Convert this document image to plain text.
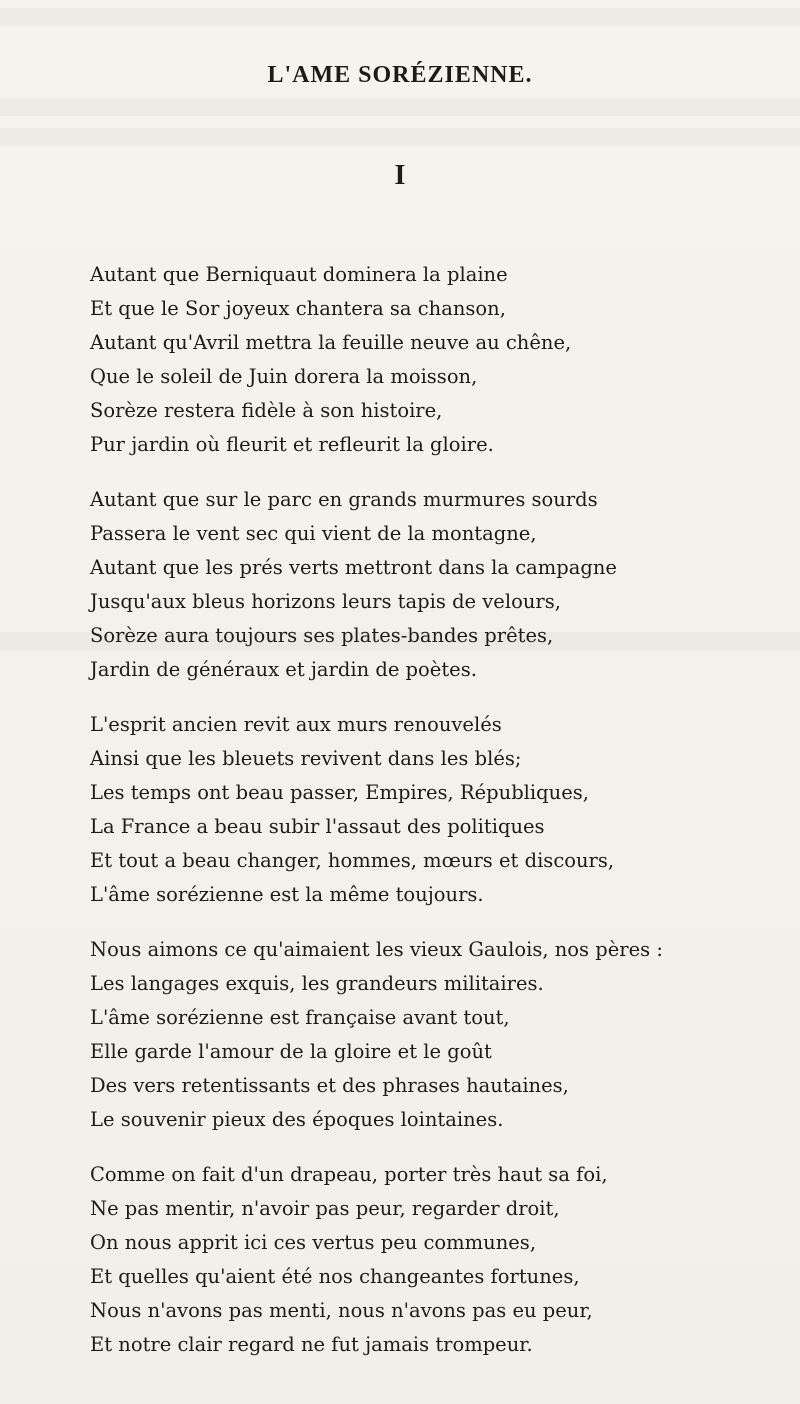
L'AME SORÉZIENNE.
I
Autant que Berniquaut dominera la plaine
Et que le Sor joyeux chantera sa chanson,
Autant qu'Avril mettra la feuille neuve au chêne,
Que le soleil de Juin dorera la moisson,
Sorèze restera fidèle à son histoire,
Pur jardin où fleurit et refleurit la gloire.
Autant que sur le parc en grands murmures sourds
Passera le vent sec qui vient de la montagne,
Autant que les prés verts mettront dans la campagne
Jusqu'aux bleus horizons leurs tapis de velours,
Sorèze aura toujours ses plates-bandes prêtes,
Jardin de généraux et jardin de poètes.
L'esprit ancien revit aux murs renouvelés
Ainsi que les bleuets revivent dans les blés;
Les temps ont beau passer, Empires, Républiques,
La France a beau subir l'assaut des politiques
Et tout a beau changer, hommes, mœurs et discours,
L'âme sorézienne est la même toujours.
Nous aimons ce qu'aimaient les vieux Gaulois, nos pères :
Les langages exquis, les grandeurs militaires.
L'âme sorézienne est française avant tout,
Elle garde l'amour de la gloire et le goût
Des vers retentissants et des phrases hautaines,
Le souvenir pieux des époques lointaines.
Comme on fait d'un drapeau, porter très haut sa foi,
Ne pas mentir, n'avoir pas peur, regarder droit,
On nous apprit ici ces vertus peu communes,
Et quelles qu'aient été nos changeantes fortunes,
Nous n'avons pas menti, nous n'avons pas eu peur,
Et notre clair regard ne fut jamais trompeur.
